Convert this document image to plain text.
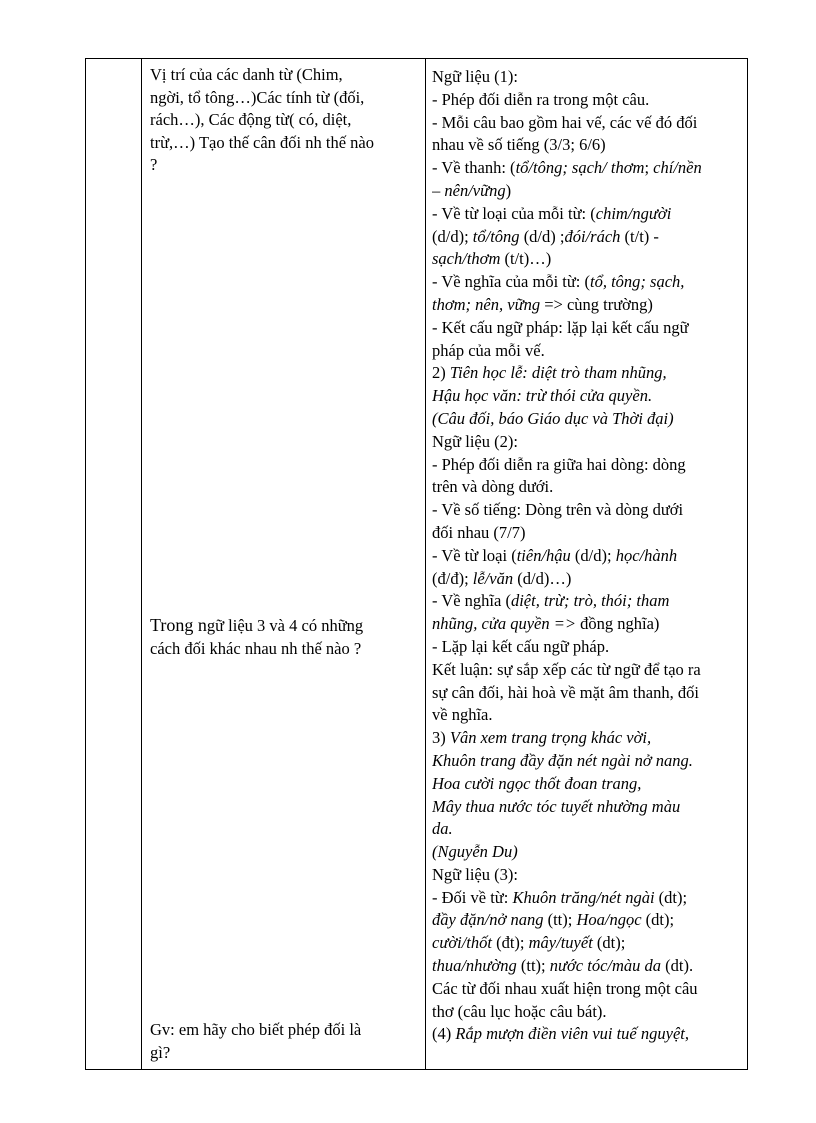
Vị trí của các danh từ (Chim,
ngời, tổ tông…)Các tính từ (đối,
rách…), Các động từ( có, diệt,
trừ,…) Tạo thế cân đối nh thế nào
?
Trong ngữ liệu 3 và 4 có những
cách đối khác nhau nh thế nào ?
Gv: em hãy cho biết phép đối là
gì?
Ngữ liệu (1):
- Phép đối diễn ra trong một câu.
- Mỗi câu bao gồm hai vế, các vế đó đối
nhau về số tiếng (3/3; 6/6)
- Về thanh: (tổ/tông; sạch/ thơm; chí/nền
– nên/vững)
- Về từ loại của mỗi từ: (chim/người
(d/d); tổ/tông (d/d) ;đói/rách (t/t) -
sạch/thơm (t/t)…)
- Về nghĩa của mỗi từ: (tổ, tông; sạch,
thơm; nên, vững => cùng trường)
- Kết cấu ngữ pháp: lặp lại kết cấu ngữ
pháp của mỗi vế.
2) Tiên học lễ: diệt trò tham nhũng,
Hậu học văn: trừ thói cửa quyền.
(Câu đối, báo Giáo dục và Thời đại)
Ngữ liệu (2):
- Phép đối diễn ra giữa hai dòng: dòng
trên và dòng dưới.
- Về số tiếng: Dòng trên và dòng dưới
đối nhau (7/7)
- Về từ loại (tiên/hậu (d/d); học/hành
(đ/đ); lễ/văn (d/d)…)
- Về nghĩa (diệt, trừ; trò, thói; tham
nhũng, cửa quyền => đồng nghĩa)
- Lặp lại kết cấu ngữ pháp.
Kết luận: sự sắp xếp các từ ngữ để tạo ra
sự cân đối, hài hoà về mặt âm thanh, đối
về nghĩa.
3) Vân xem trang trọng khác vời,
Khuôn trang đầy đặn nét ngài nở nang.
Hoa cười ngọc thốt đoan trang,
Mây thua nước tóc tuyết nhường màu
da.
(Nguyễn Du)
Ngữ liệu (3):
- Đối về từ: Khuôn trăng/nét ngài (dt);
đầy đặn/nở nang (tt); Hoa/ngọc (dt);
cười/thốt (đt); mây/tuyết (dt);
thua/nhường (tt); nước tóc/màu da (dt).
Các từ đối nhau xuất hiện trong một câu
thơ (câu lục hoặc câu bát).
(4) Rắp mượn điền viên vui tuế nguyệt,
